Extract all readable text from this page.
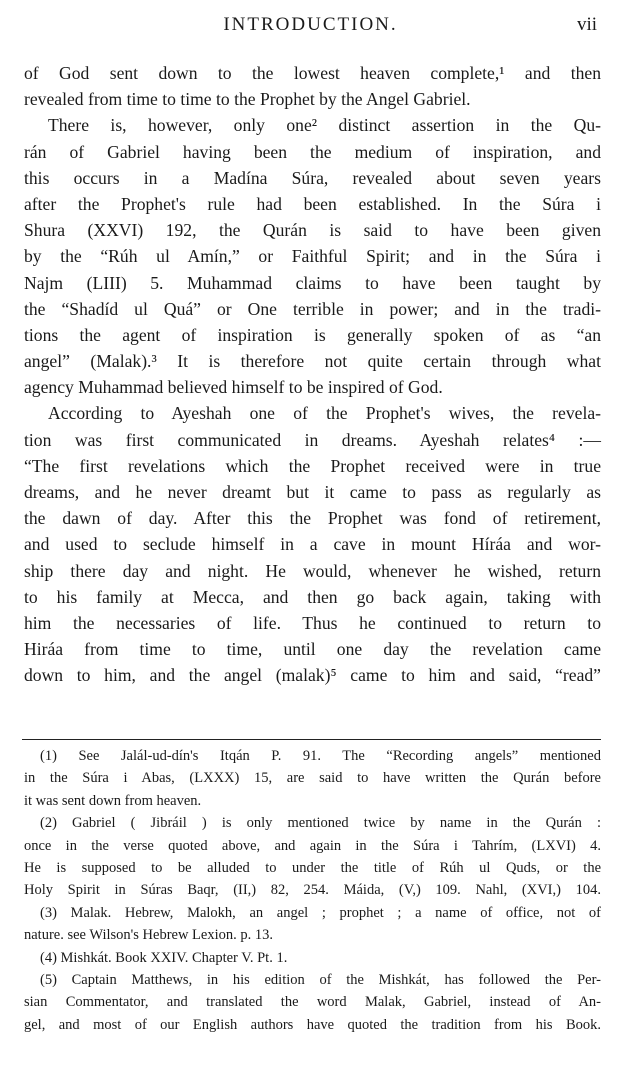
INTRODUCTION.	vii
of God sent down to the lowest heaven complete,¹ and then
revealed from time to time to the Prophet by the Angel Gabriel.
There is, however, only one² distinct assertion in the Qu-
rán of Gabriel having been the medium of inspiration, and
this occurs in a Madína Súra, revealed about seven years
after the Prophet's rule had been established. In the Súra i
Shura (XXVI) 192, the Qurán is said to have been given
by the “Rúh ul Amín,” or Faithful Spirit; and in the Súra i
Najm (LIII) 5. Muhammad claims to have been taught by
the “Shadíd ul Quá” or One terrible in power; and in the tradi-
tions the agent of inspiration is generally spoken of as “an
angel” (Malak).³ It is therefore not quite certain through what
agency Muhammad believed himself to be inspired of God.
According to Ayeshah one of the Prophet's wives, the revela-
tion was first communicated in dreams. Ayeshah relates⁴ :—
“The first revelations which the Prophet received were in true
dreams, and he never dreamt but it came to pass as regularly as
the dawn of day. After this the Prophet was fond of retirement,
and used to seclude himself in a cave in mount Híráa and wor-
ship there day and night. He would, whenever he wished, return
to his family at Mecca, and then go back again, taking with
him the necessaries of life. Thus he continued to return to
Hiráa from time to time, until one day the revelation came
down to him, and the angel (malak)⁵ came to him and said, “read”
(1) See Jalál-ud-dín's Itqán P. 91. The “Recording angels” mentioned
in the Súra i Abas, (LXXX) 15, are said to have written the Qurán before
it was sent down from heaven.
(2) Gabriel ( Jibráil ) is only mentioned twice by name in the Qurán :
once in the verse quoted above, and again in the Súra i Tahrím, (LXVI) 4.
He is supposed to be alluded to under the title of Rúh ul Quds, or the
Holy Spirit in Súras Baqr, (II,) 82, 254. Máida, (V,) 109. Nahl, (XVI,) 104.
(3) Malak. Hebrew, Malokh, an angel ; prophet ; a name of office, not of
nature. see Wilson's Hebrew Lexion. p. 13.
(4) Mishkát. Book XXIV. Chapter V. Pt. 1.
(5) Captain Matthews, in his edition of the Mishkát, has followed the Per-
sian Commentator, and translated the word Malak, Gabriel, instead of An-
gel, and most of our English authors have quoted the tradition from his Book.
